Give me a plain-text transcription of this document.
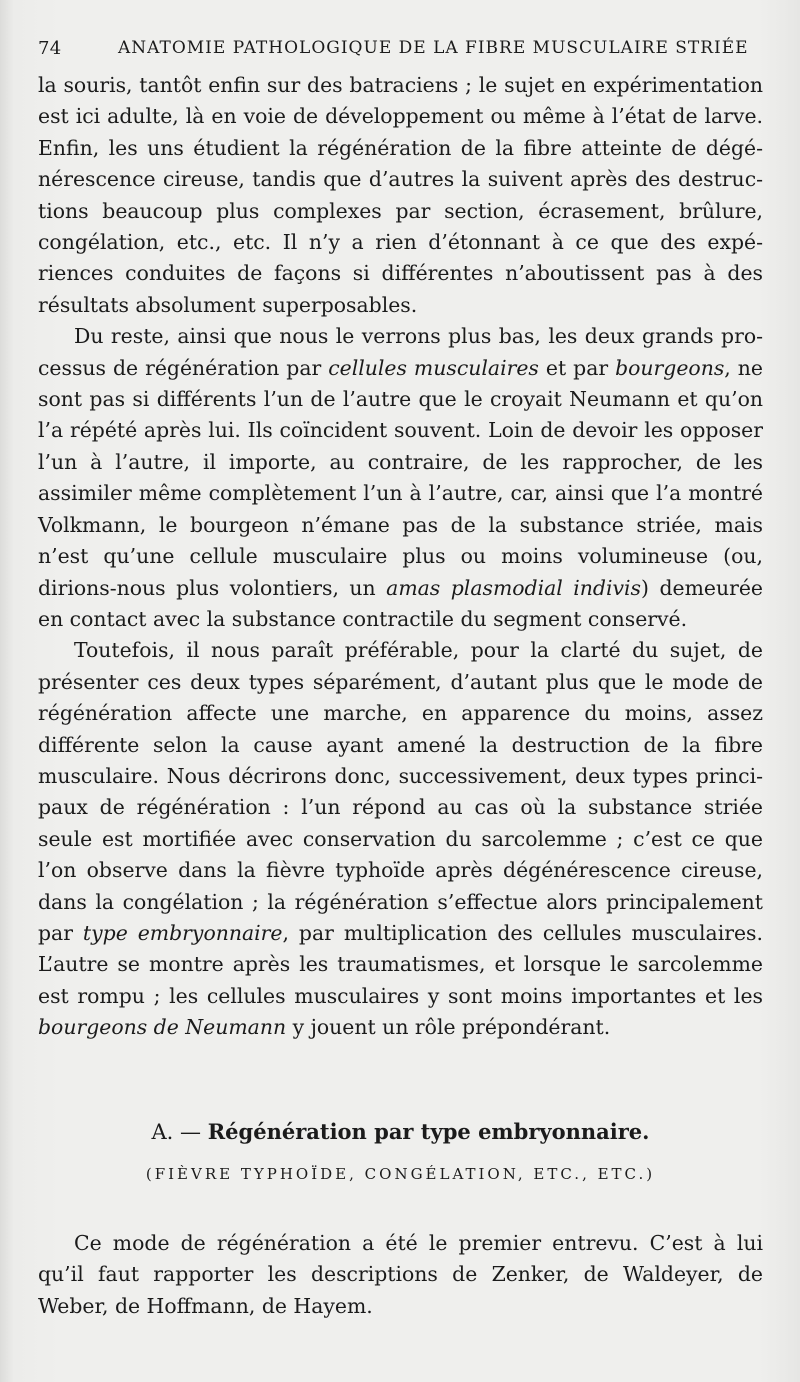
74	ANATOMIE PATHOLOGIQUE DE LA FIBRE MUSCULAIRE STRIÉE

la souris, tantôt enfin sur des batraciens ; le sujet en expérimentation est ici adulte, là en voie de développement ou même à l’état de larve. Enfin, les uns étudient la régénération de la fibre atteinte de dégénérescence cireuse, tandis que d’autres la suivent après des destructions beaucoup plus complexes par section, écrasement, brûlure, congélation, etc., etc. Il n’y a rien d’étonnant à ce que des expériences conduites de façons si différentes n’aboutissent pas à des résultats absolument superposables.

Du reste, ainsi que nous le verrons plus bas, les deux grands processus de régénération par cellules musculaires et par bourgeons, ne sont pas si différents l’un de l’autre que le croyait Neumann et qu’on l’a répété après lui. Ils coïncident souvent. Loin de devoir les opposer l’un à l’autre, il importe, au contraire, de les rapprocher, de les assimiler même complètement l’un à l’autre, car, ainsi que l’a montré Volkmann, le bourgeon n’émane pas de la substance striée, mais n’est qu’une cellule musculaire plus ou moins volumineuse (ou, dirions-nous plus volontiers, un amas plasmodial indivis) demeurée en contact avec la substance contractile du segment conservé.

Toutefois, il nous paraît préférable, pour la clarté du sujet, de présenter ces deux types séparément, d’autant plus que le mode de régénération affecte une marche, en apparence du moins, assez différente selon la cause ayant amené la destruction de la fibre musculaire. Nous décrirons donc, successivement, deux types principaux de régénération : l’un répond au cas où la substance striée seule est mortifiée avec conservation du sarcolemme ; c’est ce que l’on observe dans la fièvre typhoïde après dégénérescence cireuse, dans la congélation ; la régénération s’effectue alors principalement par type embryonnaire, par multiplication des cellules musculaires. L’autre se montre après les traumatismes, et lorsque le sarcolemme est rompu ; les cellules musculaires y sont moins importantes et les bourgeons de Neumann y jouent un rôle prépondérant.

A. — Régénération par type embryonnaire.
(FIÈVRE TYPHOÏDE, CONGÉLATION, ETC., ETC.)

Ce mode de régénération a été le premier entrevu. C’est à lui qu’il faut rapporter les descriptions de Zenker, de Waldeyer, de Weber, de Hoffmann, de Hayem.
